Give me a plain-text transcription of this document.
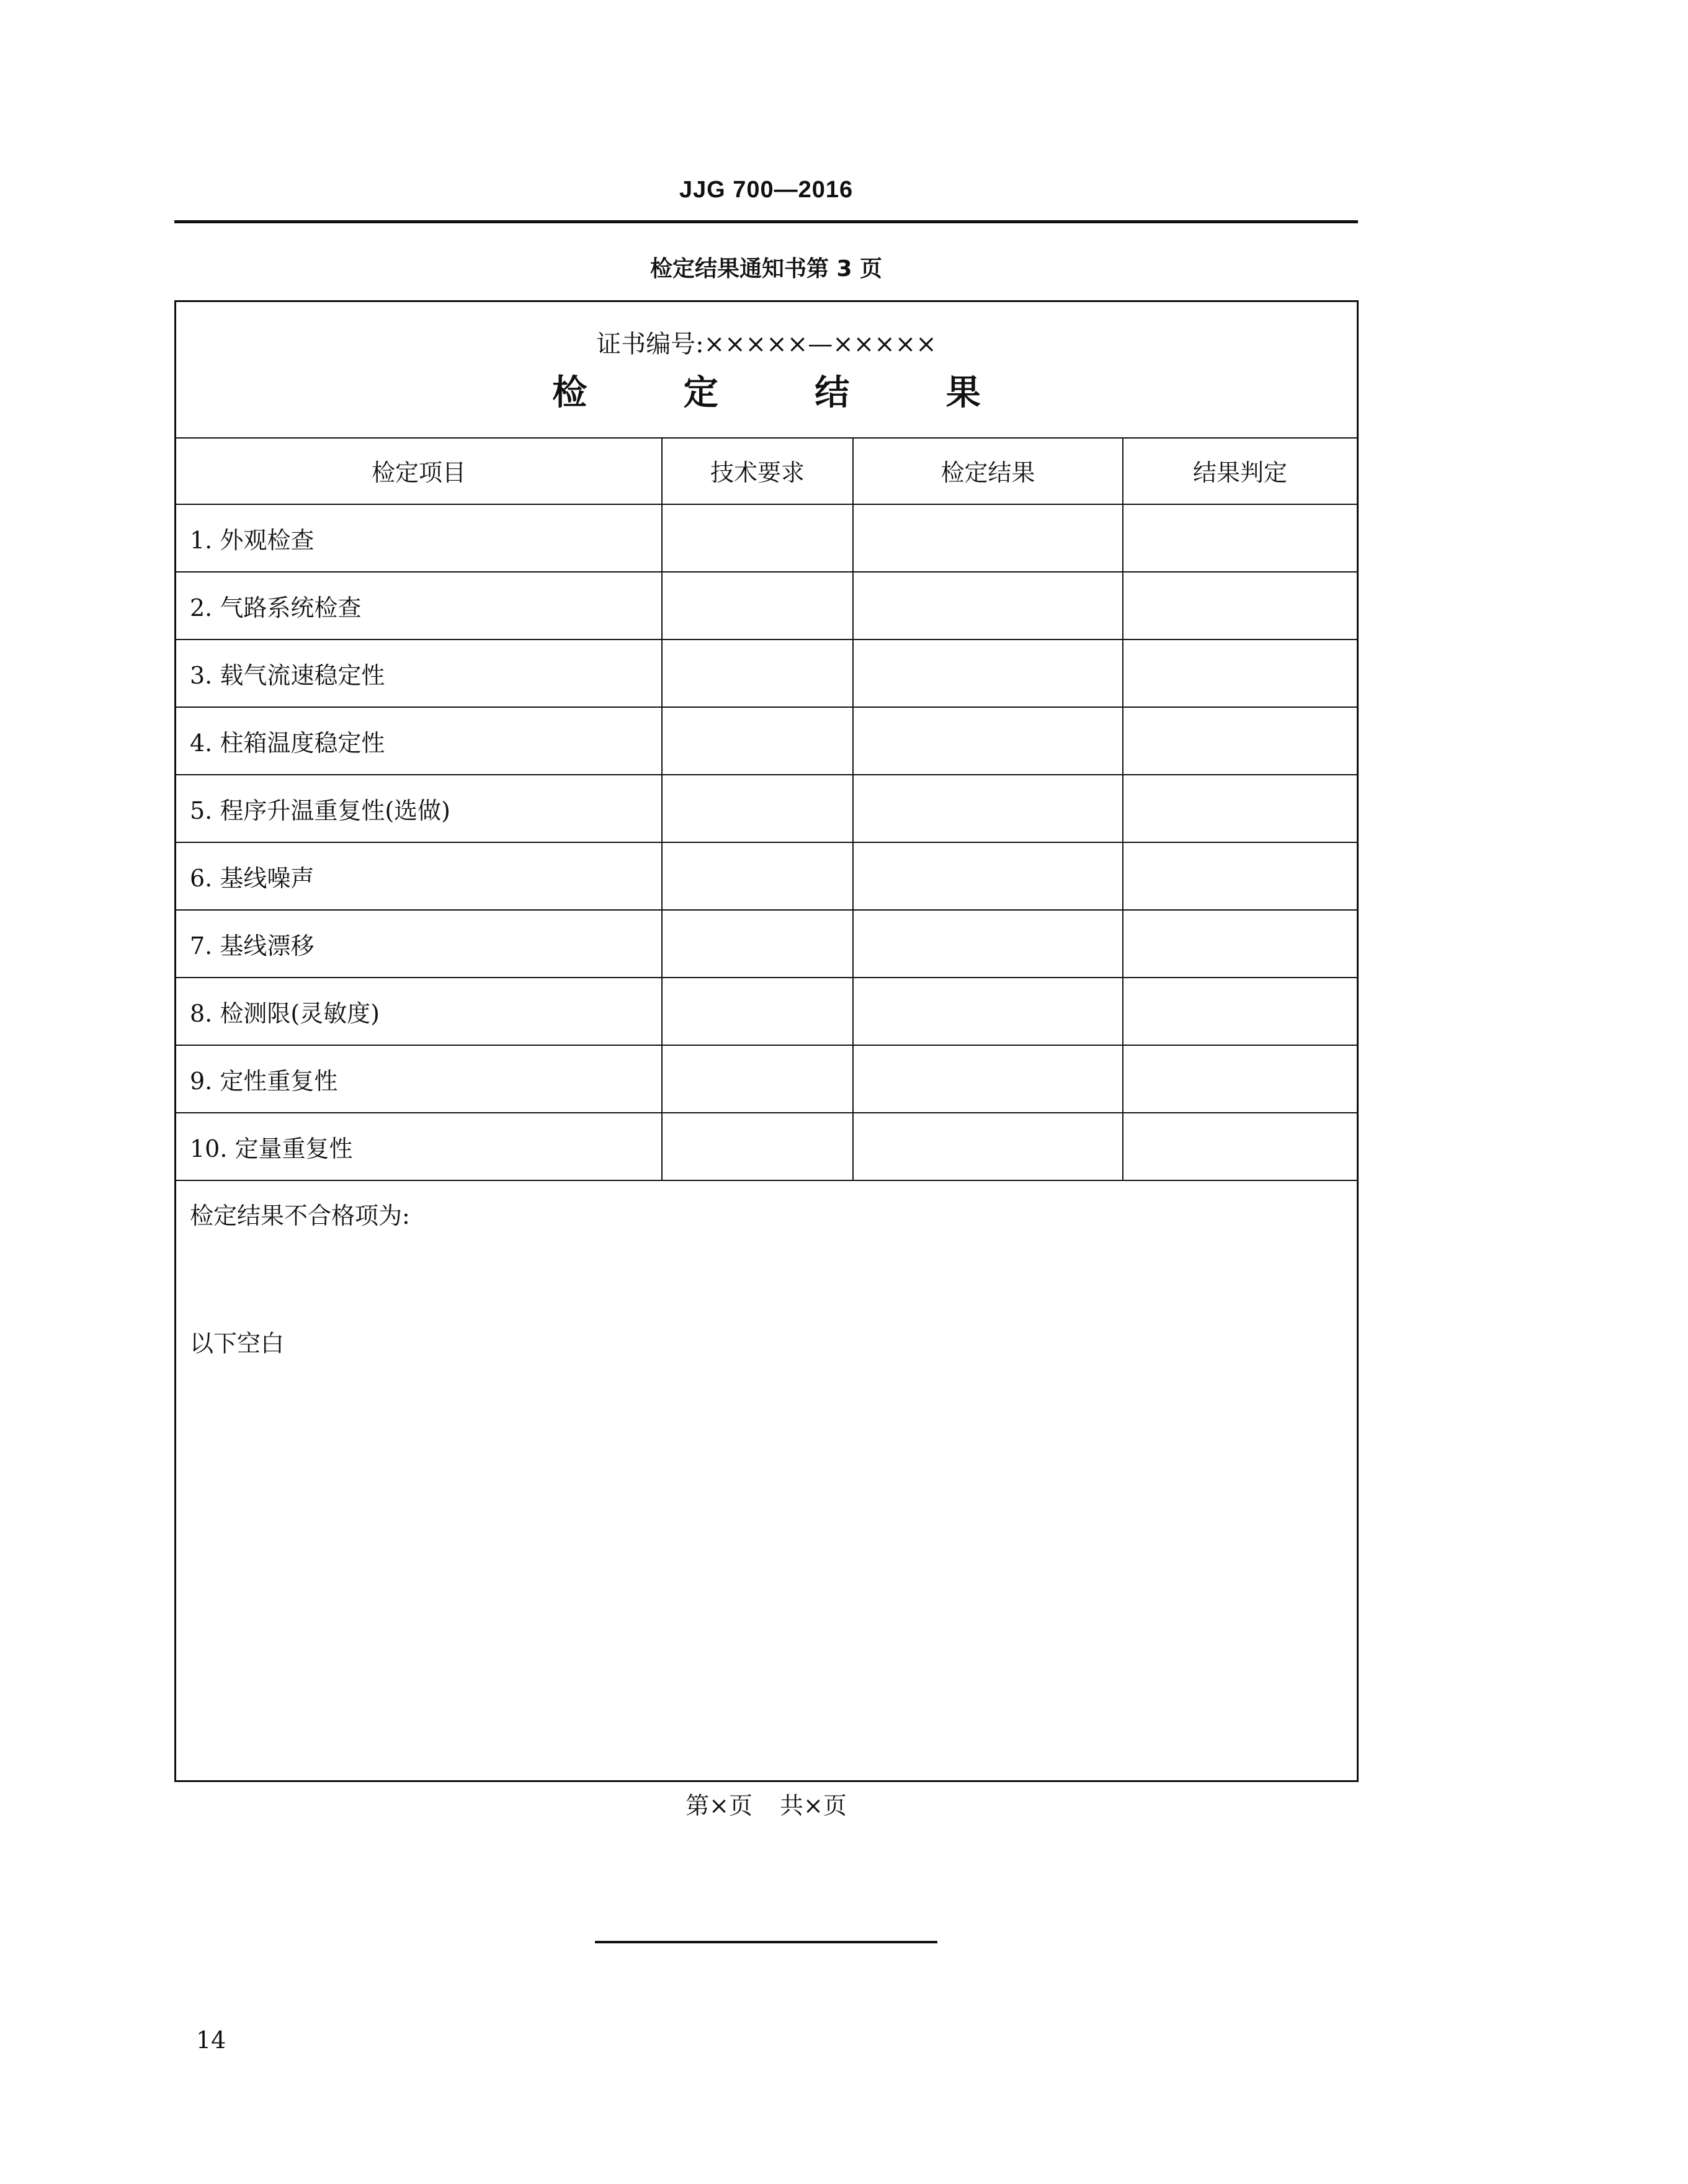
JJG 700—2016
检定结果通知书第 3 页
证书编号:×××××—×××××
检 定 结 果
检定项目	技术要求	检定结果	结果判定
1. 外观检查			
2. 气路系统检查			
3. 载气流速稳定性			
4. 柱箱温度稳定性			
5. 程序升温重复性(选做)			
6. 基线噪声			
7. 基线漂移			
8. 检测限(灵敏度)			
9. 定性重复性			
10. 定量重复性			
检定结果不合格项为:
以下空白
第×页 共×页
14
